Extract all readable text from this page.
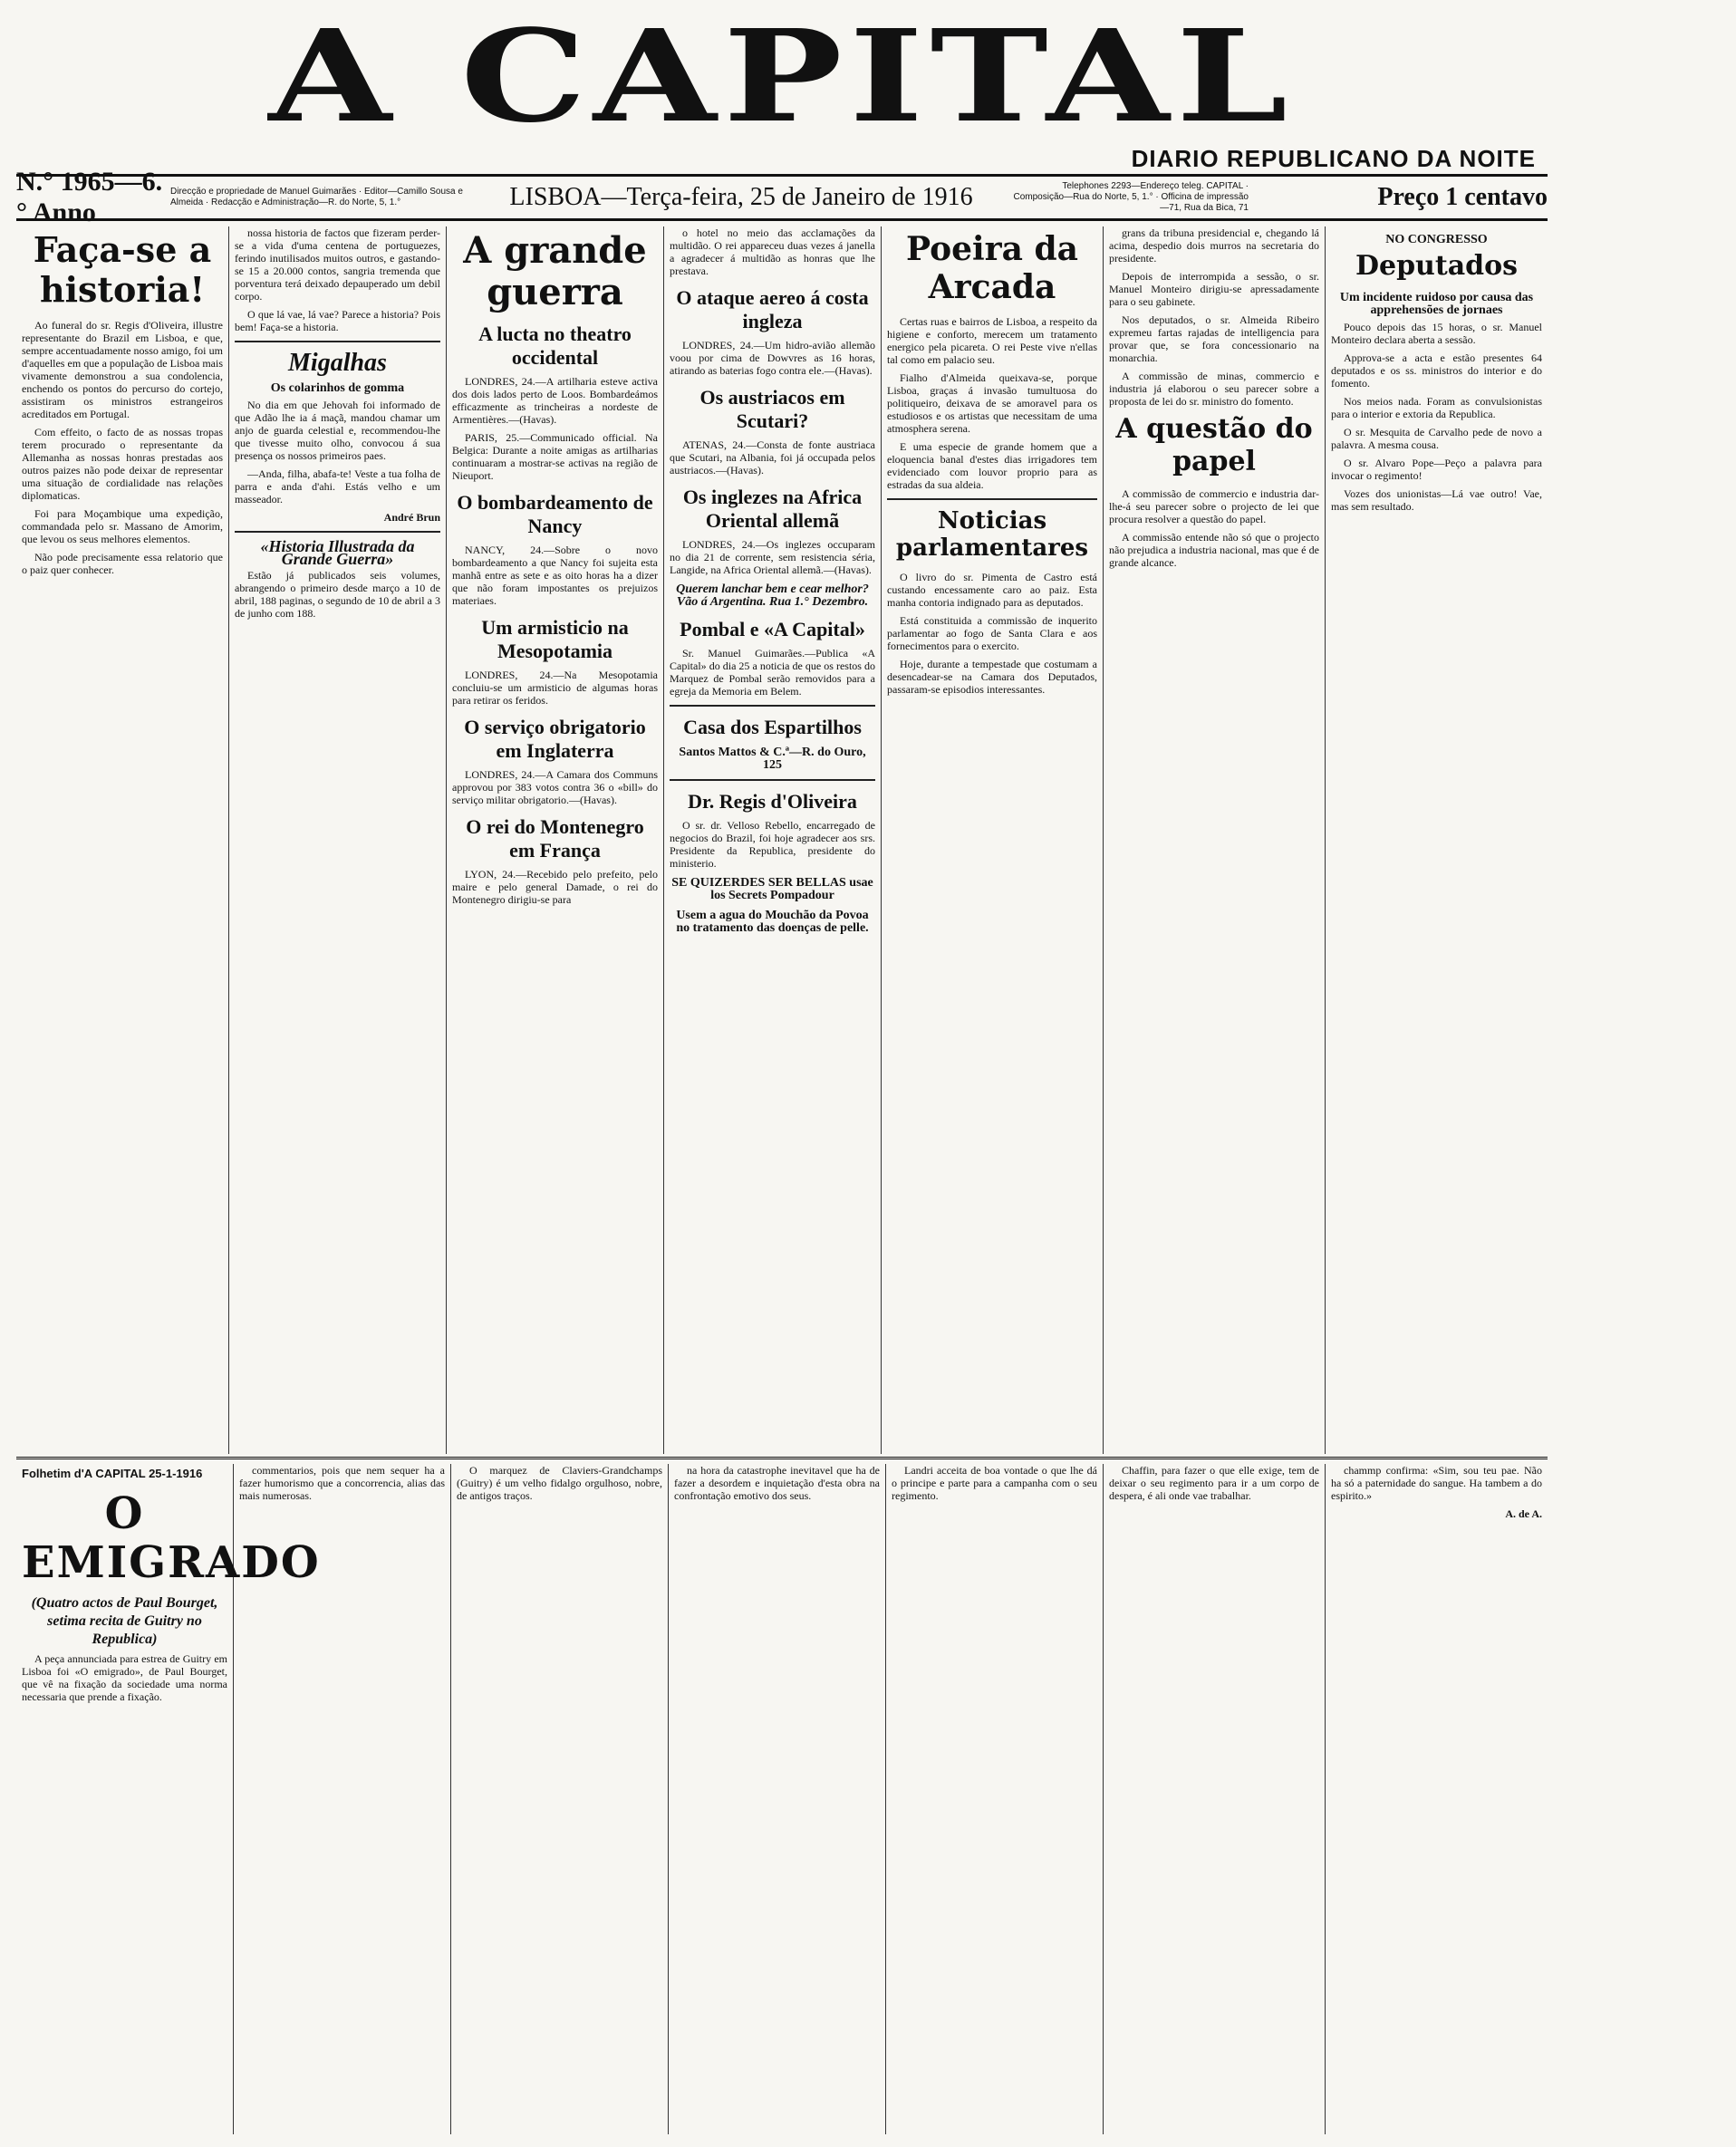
A CAPITAL
DIARIO REPUBLICANO DA NOITE
N.° 1965—6.° Anno
Direcção e propriedade de Manuel Guimarães · Editor—Camillo Sousa e Almeida · Redacção e Administração—R. do Norte, 5, 1.°	LISBOA—Terça-feira, 25 de Janeiro de 1916	Telephones 2293—Endereço teleg. CAPITAL · Composição—Rua do Norte, 5, 1.° · Officina de impressão—71, Rua da Bica, 71	Preço 1 centavo
Faça-se a historia!

Ao funeral do sr. Regis d'Oliveira, illustre representante do Brazil em Lisboa, e que, sempre accentuadamente nosso amigo, foi um d'aquelles em que a população de Lisboa mais vivamente demonstrou a sua condolencia, enchendo os pontos do percurso do cortejo, assistiram os ministros estrangeiros acreditados em Portugal.

Com effeito, o facto de as nossas tropas terem procurado o representante da Allemanha as nossas honras prestadas aos outros paizes não pode deixar de representar uma situação de cordialidade nas relações diplomaticas.

Foi para Moçambique uma expedição, commandada pelo sr. Massano de Amorim, que levou os seus melhores elementos.

Não pode precisamente essa relatorio que o paiz quer conhecer.

nossa historia de factos que fizeram perder-se a vida d'uma centena de portuguezes, ferindo inutilisados muitos outros, e gastando-se 15 a 20.000 contos, sangria tremenda que porventura terá deixado depauperado um debil corpo.

O que lá vae, lá vae? Parece a historia? Pois bem! Faça-se a historia.

Migalhas
Os colarinhos de gomma

No dia em que Jehovah foi informado de que Adão lhe ia á maçã, mandou chamar um anjo de guarda celestial e, recommendou-lhe que tivesse muito olho, convocou á sua presença os nossos primeiros paes.

—Anda, filha, abafa-te! Veste a tua folha de parra e anda d'ahi. Estás velho e um masseador.

André Brun
«Historia Illustrada da Grande Guerra»

Estão já publicados seis volumes, abrangendo o primeiro desde março a 10 de abril, 188 paginas, o segundo de 10 de abril a 3 de junho com 188.

A grande guerra
A lucta no theatro occidental

LONDRES, 24.—A artilharia esteve activa dos dois lados perto de Loos. Bombardeámos efficazmente as trincheiras a nordeste de Armentières.—(Havas).

PARIS, 25.—Communicado official. Na Belgica: Durante a noite amigas as artilharias continuaram a mostrar-se activas na região de Nieuport.

O bombardeamento de Nancy

NANCY, 24.—Sobre o novo bombardeamento a que Nancy foi sujeita esta manhã entre as sete e as oito horas ha a dizer que não foram impostantes os prejuizos materiaes.

Um armisticio na Mesopotamia

LONDRES, 24.—Na Mesopotamia concluiu-se um armisticio de algumas horas para retirar os feridos.

O serviço obrigatorio em Inglaterra

LONDRES, 24.—A Camara dos Communs approvou por 383 votos contra 36 o «bill» do serviço militar obrigatorio.—(Havas).

O rei do Montenegro em França

LYON, 24.—Recebido pelo prefeito, pelo maire e pelo general Damade, o rei do Montenegro dirigiu-se para

o hotel no meio das acclamações da multidão. O rei appareceu duas vezes á janella a agradecer á multidão as honras que lhe prestava.

O ataque aereo á costa ingleza

LONDRES, 24.—Um hidro-avião allemão voou por cima de Dowvres as 16 horas, atirando as baterias fogo contra ele.—(Havas).

Os austriacos em Scutari?

ATENAS, 24.—Consta de fonte austriaca que Scutari, na Albania, foi já occupada pelos austriacos.—(Havas).

Os inglezes na Africa Oriental allemã

LONDRES, 24.—Os inglezes occuparam no dia 21 de corrente, sem resistencia séria, Langide, na Africa Oriental allemã.—(Havas).

Querem lanchar bem e cear melhor? Vão á Argentina. Rua 1.° Dezembro.
Pombal e «A Capital»

Sr. Manuel Guimarães.—Publica «A Capital» do dia 25 a noticia de que os restos do Marquez de Pombal serão removidos para a egreja da Memoria em Belem.

Casa dos Espartilhos
Santos Mattos & C.ª—R. do Ouro, 125
Dr. Regis d'Oliveira

O sr. dr. Velloso Rebello, encarregado de negocios do Brazil, foi hoje agradecer aos srs. Presidente da Republica, presidente do ministerio.

SE QUIZERDES SER BELLAS usae los Secrets Pompadour
Usem a agua do Mouchão da Povoa no tratamento das doenças de pelle.
Poeira da Arcada

Certas ruas e bairros de Lisboa, a respeito da higiene e conforto, merecem um tratamento energico pela picareta. O rei Peste vive n'ellas tal como em palacio seu.

Fialho d'Almeida queixava-se, porque Lisboa, graças á invasão tumultuosa do politiqueiro, deixava de se amoravel para os estudiosos e os artistas que necessitam de uma atmosphera serena.

E uma especie de grande homem que a eloquencia banal d'estes dias irrigadores tem evidenciado com louvor proprio para as estradas da sua aldeia.

Noticias parlamentares

O livro do sr. Pimenta de Castro está custando encessamente caro ao paiz. Esta manha contoria indignado para as deputados.

Está constituida a commissão de inquerito parlamentar ao fogo de Santa Clara e aos fornecimentos para o exercito.

Hoje, durante a tempestade que costumam a desencadear-se na Camara dos Deputados, passaram-se episodios interessantes.

grans da tribuna presidencial e, chegando lá acima, despedio dois murros na secretaria do presidente.

Depois de interrompida a sessão, o sr. Manuel Monteiro dirigiu-se apressadamente para o seu gabinete.

Nos deputados, o sr. Almeida Ribeiro expremeu fartas rajadas de intelligencia para provar que, se fora concessionario na monarchia.

A commissão de minas, commercio e industria já elaborou o seu parecer sobre a proposta de lei do sr. ministro do fomento.

A questão do papel

A commissão de commercio e industria dar-lhe-á seu parecer sobre o projecto de lei que procura resolver a questão do papel.

A commissão entende não só que o projecto não prejudica a industria nacional, mas que é de grande alcance.

NO CONGRESSO
Deputados
Um incidente ruidoso por causa das apprehensões de jornaes

Pouco depois das 15 horas, o sr. Manuel Monteiro declara aberta a sessão.

Approva-se a acta e estão presentes 64 deputados e os ss. ministros do interior e do fomento.

Nos meios nada. Foram as convulsionistas para o interior e extoria da Republica.

O sr. Mesquita de Carvalho pede de novo a palavra. A mesma cousa.

O sr. Alvaro Pope—Peço a palavra para invocar o regimento!

Vozes dos unionistas—Lá vae outro! Vae, mas sem resultado.

Folhetim d'A CAPITAL 25-1-1916
O EMIGRADO
(Quatro actos de Paul Bourget, setima recita de Guitry no Republica)

A peça annunciada para estrea de Guitry em Lisboa foi «O emigrado», de Paul Bourget, que vê na fixação da sociedade uma norma necessaria que prende a fixação.

commentarios, pois que nem sequer ha a fazer humorismo que a concorrencia, alias das mais numerosas.

O marquez de Claviers-Grandchamps (Guitry) é um velho fidalgo orgulhoso, nobre, de antigos traços.

na hora da catastrophe inevitavel que ha de fazer a desordem e inquietação d'esta obra na confrontação emotivo dos seus.

Landri acceita de boa vontade o que lhe dá o principe e parte para a campanha com o seu regimento.

Chaffin, para fazer o que elle exige, tem de deixar o seu regimento para ir a um corpo de despera, é ali onde vae trabalhar.

chammp confirma: «Sim, sou teu pae. Não ha só a paternidade do sangue. Ha tambem a do espirito.»

A. de A.
